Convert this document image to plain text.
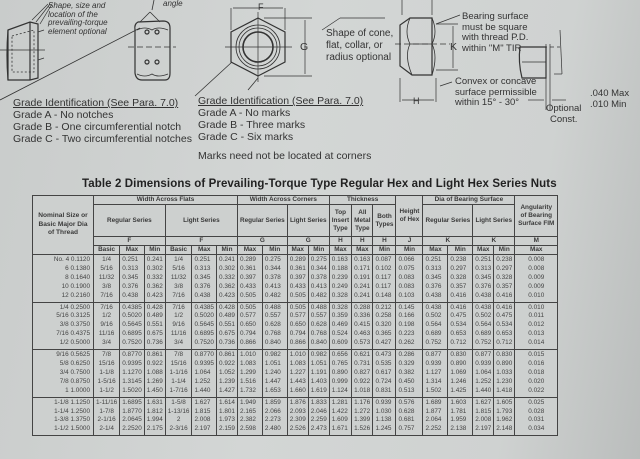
Shape, size and
location of the
prevailing-torque
element optional
angle	F
G
Shape of cone,
flat, collar, or
radius optional
K
H
Bearing surface
must be square
with thread P.D.
within "M" TIR
Convex or concave
surface permissible
within 15° - 30°
Optional
Const.
.040 Max
.010 Min
Grade Identification (See Para. 7.0)
Grade A - No notches
Grade B - One circumferential notch
Grade C - Two circumferential notches
Grade Identification (See Para. 7.0)
Grade A - No marks
Grade B - Three marks
Grade C - Six marks
Marks need not be located at corners
Table 2 Dimensions of Prevailing-Torque Type Regular Hex and Light Hex Series Nuts
Nominal Size or Basic Major Dia of Thread	Width Across Flats						Width Across Corners				Thickness			Height of Hex	Dia of Bearing Surface				Angularity of Bearing Surface FIM
	Regular Series			Light Series			Regular Series		Light Series		Top Insert Type	All Metal Type	Both Types		Regular Series		Light Series		
	F			F			G		G		H	H	H	J	K		K		M
	Basic	Max	Min	Basic	Max	Min	Max	Min	Max	Min	Max	Max	Min	Min	Max	Min	Max	Min	Max
No. 4 0.1120	1/4	0.251	0.241	1/4	0.251	0.241	0.289	0.275	0.289	0.275	0.163	0.163	0.087	0.066	0.251	0.238	0.251	0.238	0.008
6 0.1380	5/16	0.313	0.302	5/16	0.313	0.302	0.361	0.344	0.361	0.344	0.188	0.171	0.102	0.075	0.313	0.297	0.313	0.297	0.008
8 0.1640	11/32	0.345	0.332	11/32	0.345	0.332	0.397	0.378	0.397	0.378	0.239	0.191	0.117	0.083	0.345	0.328	0.345	0.328	0.009
10 0.1900	3/8	0.376	0.362	3/8	0.376	0.362	0.433	0.413	0.433	0.413	0.249	0.241	0.117	0.083	0.376	0.357	0.376	0.357	0.009
12 0.2160	7/16	0.438	0.423	7/16	0.438	0.423	0.505	0.482	0.505	0.482	0.328	0.241	0.148	0.103	0.438	0.416	0.438	0.416	0.010
1/4 0.2500	7/16	0.4385	0.428	7/16	0.4385	0.428	0.505	0.488	0.505	0.488	0.328	0.288	0.212	0.145	0.438	0.416	0.438	0.416	0.010
5/16 0.3125	1/2	0.5020	0.489	1/2	0.5020	0.489	0.577	0.557	0.577	0.557	0.359	0.336	0.258	0.166	0.502	0.475	0.502	0.475	0.011
3/8 0.3750	9/16	0.5645	0.551	9/16	0.5645	0.551	0.650	0.628	0.650	0.628	0.469	0.415	0.320	0.198	0.564	0.534	0.564	0.534	0.012
7/16 0.4375	11/16	0.6895	0.675	11/16	0.6895	0.675	0.794	0.768	0.794	0.768	0.524	0.463	0.365	0.223	0.689	0.653	0.689	0.653	0.013
1/2 0.5000	3/4	0.7520	0.736	3/4	0.7520	0.736	0.866	0.840	0.866	0.840	0.609	0.573	0.427	0.262	0.752	0.712	0.752	0.712	0.014
9/16 0.5625	7/8	0.8770	0.861	7/8	0.8770	0.861	1.010	0.982	1.010	0.982	0.656	0.621	0.473	0.286	0.877	0.830	0.877	0.830	0.015
5/8 0.6250	15/16	0.9395	0.922	15/16	0.9395	0.922	1.083	1.051	1.083	1.051	0.765	0.731	0.535	0.329	0.939	0.890	0.939	0.890	0.016
3/4 0.7500	1-1/8	1.1270	1.088	1-1/16	1.064	1.052	1.299	1.240	1.227	1.191	0.890	0.827	0.617	0.382	1.127	1.069	1.064	1.033	0.018
7/8 0.8750	1-5/16	1.3145	1.269	1-1/4	1.252	1.239	1.516	1.447	1.443	1.403	0.999	0.922	0.724	0.450	1.314	1.246	1.252	1.230	0.020
1 1.0000	1-1/2	1.5020	1.450	1-7/16	1.440	1.427	1.732	1.653	1.660	1.619	1.124	1.018	0.831	0.513	1.502	1.425	1.440	1.418	0.022
1-1/8 1.1250	1-11/16	1.6895	1.631	1-5/8	1.627	1.614	1.949	1.859	1.876	1.833	1.281	1.176	0.939	0.576	1.689	1.603	1.627	1.605	0.025
1-1/4 1.2500	1-7/8	1.8770	1.812	1-13/16	1.815	1.801	2.165	2.066	2.093	2.046	1.422	1.272	1.030	0.628	1.877	1.781	1.815	1.793	0.028
1-3/8 1.3750	2-1/16	2.0645	1.994	2	2.008	1.973	2.382	2.273	2.309	2.259	1.609	1.399	1.138	0.681	2.064	1.959	2.008	1.962	0.031
1-1/2 1.5000	2-1/4	2.2520	2.175	2-3/16	2.197	2.159	2.598	2.480	2.526	2.473	1.671	1.526	1.245	0.757	2.252	2.138	2.197	2.148	0.034
